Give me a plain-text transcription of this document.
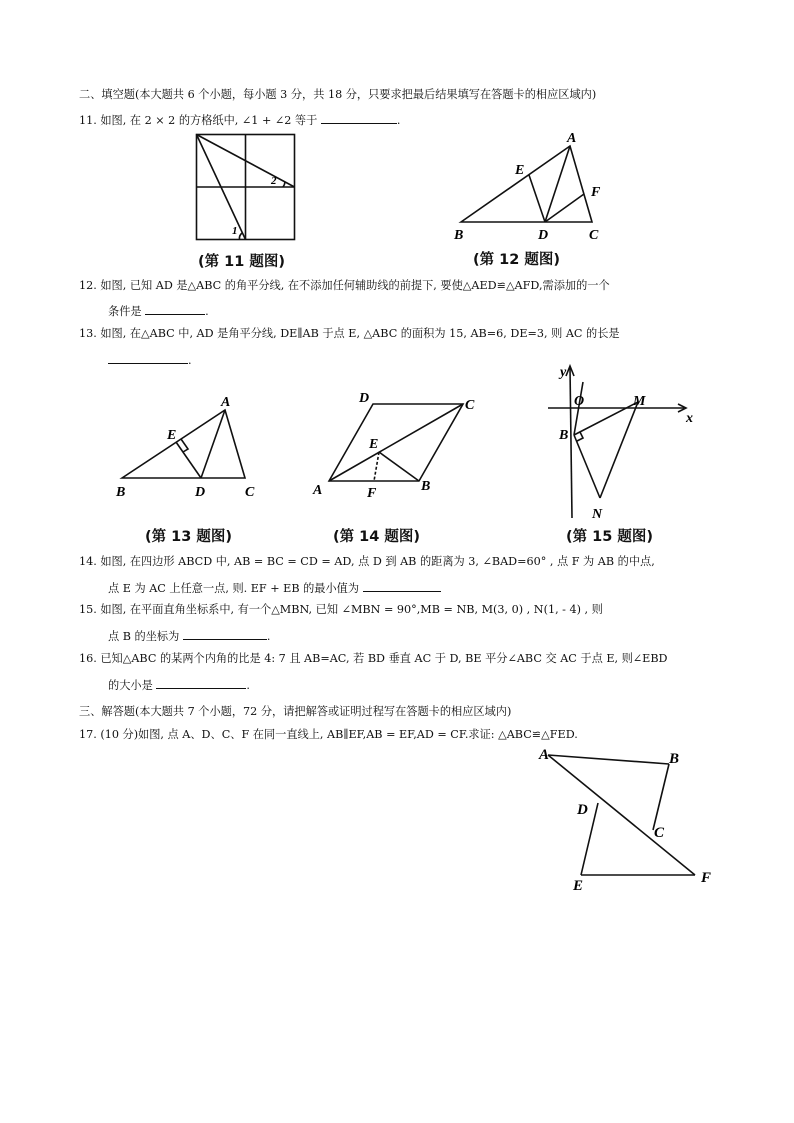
二、填空题(本大题共 6 个小题，每小题 3 分，共 18 分，只要求把最后结果填写在答题卡的相应区域内)
11. 如图, 在 2 × 2 的方格纸中, ∠1 + ∠2 等于	.
1
2
(第 11 题图)
A
E
F
B	D	C
(第 12 题图)
12. 如图, 已知 AD 是△ABC 的角平分线, 在不添加任何辅助线的前提下, 要使△AED≌△AFD,需添加的一个
条件是	.
13. 如图, 在△ABC 中, AD 是角平分线, DE∥AB 于点 E, △ABC 的面积为 15, AB=6, DE=3, 则 AC 的长是
.
A
E
B	D	C
(第 13 题图)
D	C
E
A	F	B
(第 14 题图)
y
O	M
x
B
N
(第 15 题图)
14. 如图, 在四边形 ABCD 中, AB = BC = CD = AD, 点 D 到 AB 的距离为 3, ∠BAD=60° , 点 F 为 AB 的中点,
点 E 为 AC 上任意一点, 则. EF + EB 的最小值为
15. 如图, 在平面直角坐标系中, 有一个△MBN, 已知 ∠MBN = 90°,MB = NB, M(3, 0) , N(1, - 4) , 则
点 B 的坐标为	.
16. 已知△ABC 的某两个内角的比是 4: 7 且 AB=AC, 若 BD 垂直 AC 于 D, BE 平分∠ABC 交 AC 于点 E, 则∠EBD
的大小是	.
三、解答题(本大题共 7 个小题，72 分，请把解答或证明过程写在答题卡的相应区域内)
17. (10 分)如图, 点 A、D、C、F 在同一直线上, AB∥EF,AB = EF,AD = CF.求证: △ABC≌△FED.
A	B
D
C
F
E
